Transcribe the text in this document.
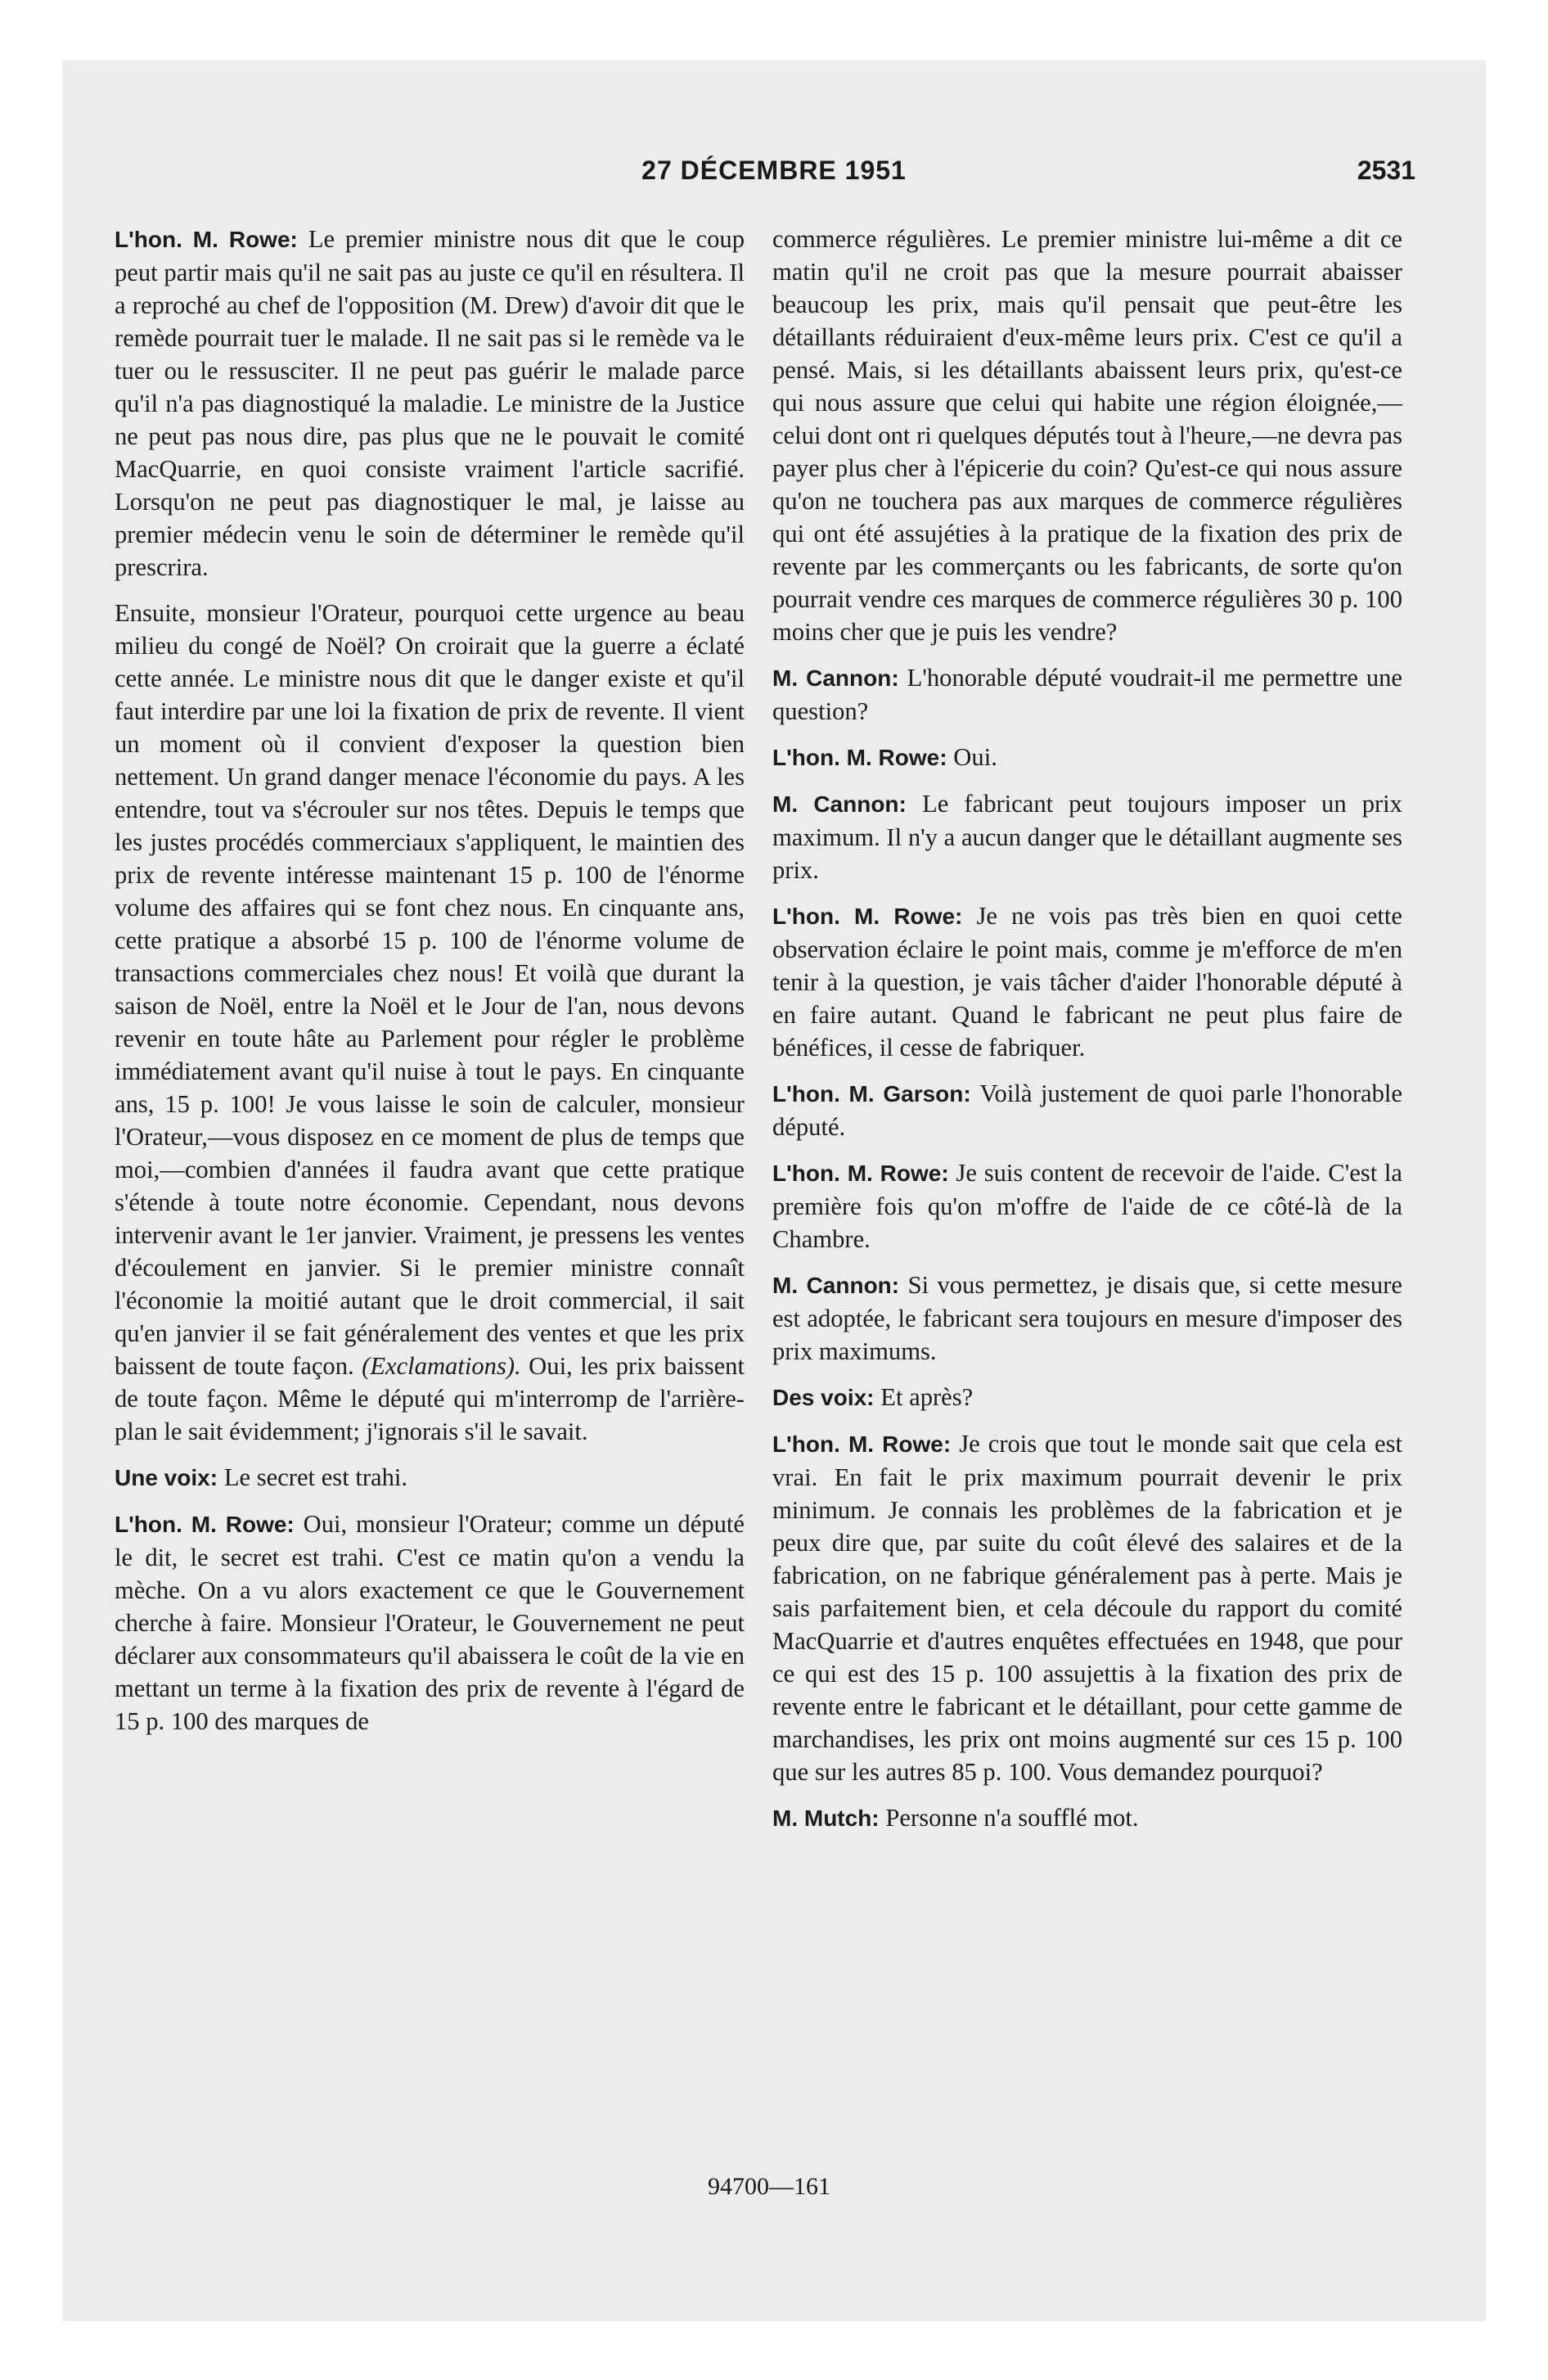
27 DÉCEMBRE 1951	2531

L'hon. M. Rowe: Le premier ministre nous dit que le coup peut partir mais qu'il ne sait pas au juste ce qu'il en résultera. Il a reproché au chef de l'opposition (M. Drew) d'avoir dit que le remède pourrait tuer le malade. Il ne sait pas si le remède va le tuer ou le ressusciter. Il ne peut pas guérir le malade parce qu'il n'a pas diagnostiqué la maladie. Le ministre de la Justice ne peut pas nous dire, pas plus que ne le pouvait le comité MacQuarrie, en quoi consiste vraiment l'article sacrifié. Lorsqu'on ne peut pas diagnostiquer le mal, je laisse au premier médecin venu le soin de déterminer le remède qu'il prescrira.

Ensuite, monsieur l'Orateur, pourquoi cette urgence au beau milieu du congé de Noël? On croirait que la guerre a éclaté cette année. Le ministre nous dit que le danger existe et qu'il faut interdire par une loi la fixation de prix de revente. Il vient un moment où il convient d'exposer la question bien nettement. Un grand danger menace l'économie du pays. A les entendre, tout va s'écrouler sur nos têtes. Depuis le temps que les justes procédés commerciaux s'appliquent, le maintien des prix de revente intéresse maintenant 15 p. 100 de l'énorme volume des affaires qui se font chez nous. En cinquante ans, cette pratique a absorbé 15 p. 100 de l'énorme volume de transactions commerciales chez nous! Et voilà que durant la saison de Noël, entre la Noël et le Jour de l'an, nous devons revenir en toute hâte au Parlement pour régler le problème immédiatement avant qu'il nuise à tout le pays. En cinquante ans, 15 p. 100! Je vous laisse le soin de calculer, monsieur l'Orateur,—vous disposez en ce moment de plus de temps que moi,—combien d'années il faudra avant que cette pratique s'étende à toute notre économie. Cependant, nous devons intervenir avant le 1er janvier. Vraiment, je pressens les ventes d'écoulement en janvier. Si le premier ministre connaît l'économie la moitié autant que le droit commercial, il sait qu'en janvier il se fait généralement des ventes et que les prix baissent de toute façon. (Exclamations). Oui, les prix baissent de toute façon. Même le député qui m'interromp de l'arrière-plan le sait évidemment; j'ignorais s'il le savait.

Une voix: Le secret est trahi.

L'hon. M. Rowe: Oui, monsieur l'Orateur; comme un député le dit, le secret est trahi. C'est ce matin qu'on a vendu la mèche. On a vu alors exactement ce que le Gouvernement cherche à faire. Monsieur l'Orateur, le Gouvernement ne peut déclarer aux consommateurs qu'il abaissera le coût de la vie en mettant un terme à la fixation des prix de revente à l'égard de 15 p. 100 des marques de

commerce régulières. Le premier ministre lui-même a dit ce matin qu'il ne croit pas que la mesure pourrait abaisser beaucoup les prix, mais qu'il pensait que peut-être les détaillants réduiraient d'eux-même leurs prix. C'est ce qu'il a pensé. Mais, si les détaillants abaissent leurs prix, qu'est-ce qui nous assure que celui qui habite une région éloignée,—celui dont ont ri quelques députés tout à l'heure,—ne devra pas payer plus cher à l'épicerie du coin? Qu'est-ce qui nous assure qu'on ne touchera pas aux marques de commerce régulières qui ont été assujéties à la pratique de la fixation des prix de revente par les commerçants ou les fabricants, de sorte qu'on pourrait vendre ces marques de commerce régulières 30 p. 100 moins cher que je puis les vendre?

M. Cannon: L'honorable député voudrait-il me permettre une question?

L'hon. M. Rowe: Oui.

M. Cannon: Le fabricant peut toujours imposer un prix maximum. Il n'y a aucun danger que le détaillant augmente ses prix.

L'hon. M. Rowe: Je ne vois pas très bien en quoi cette observation éclaire le point mais, comme je m'efforce de m'en tenir à la question, je vais tâcher d'aider l'honorable député à en faire autant. Quand le fabricant ne peut plus faire de bénéfices, il cesse de fabriquer.

L'hon. M. Garson: Voilà justement de quoi parle l'honorable député.

L'hon. M. Rowe: Je suis content de recevoir de l'aide. C'est la première fois qu'on m'offre de l'aide de ce côté-là de la Chambre.

M. Cannon: Si vous permettez, je disais que, si cette mesure est adoptée, le fabricant sera toujours en mesure d'imposer des prix maximums.

Des voix: Et après?

L'hon. M. Rowe: Je crois que tout le monde sait que cela est vrai. En fait le prix maximum pourrait devenir le prix minimum. Je connais les problèmes de la fabrication et je peux dire que, par suite du coût élevé des salaires et de la fabrication, on ne fabrique généralement pas à perte. Mais je sais parfaitement bien, et cela découle du rapport du comité MacQuarrie et d'autres enquêtes effectuées en 1948, que pour ce qui est des 15 p. 100 assujettis à la fixation des prix de revente entre le fabricant et le détaillant, pour cette gamme de marchandises, les prix ont moins augmenté sur ces 15 p. 100 que sur les autres 85 p. 100. Vous demandez pourquoi?

M. Mutch: Personne n'a soufflé mot.

94700—161
